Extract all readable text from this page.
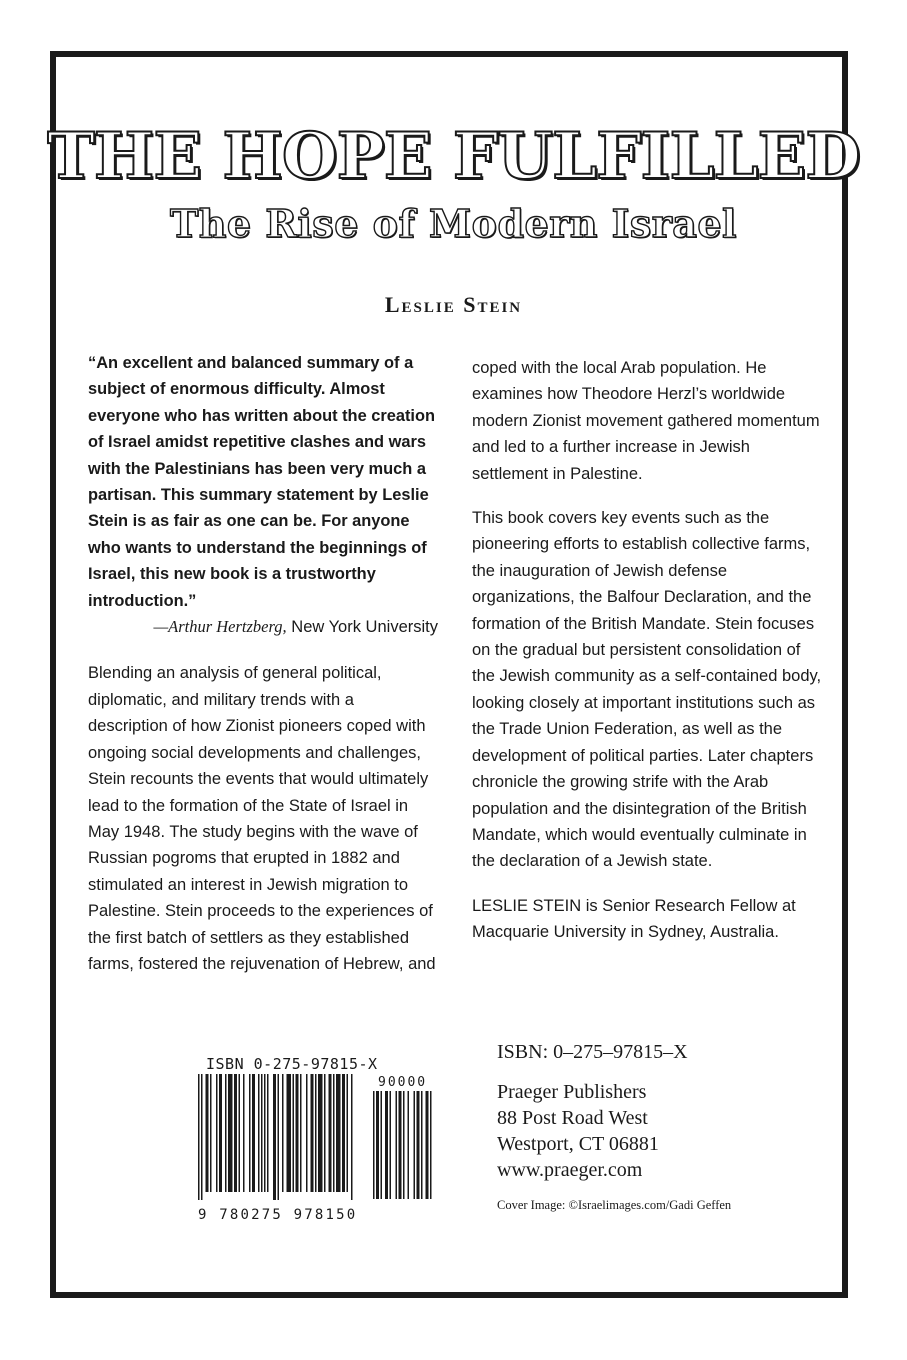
THE HOPE FULFILLED
The Rise of Modern Israel
Leslie Stein

“An excellent and balanced summary of a subject of enormous difficulty. Almost everyone who has written about the creation of Israel amidst repetitive clashes and wars with the Palestinians has been very much a partisan. This summary statement by Leslie Stein is as fair as one can be. For anyone who wants to understand the beginnings of Israel, this new book is a trustworthy introduction.”

—Arthur Hertzberg, New York University

Blending an analysis of general political, diplomatic, and military trends with a description of how Zionist pioneers coped with ongoing social developments and challenges, Stein recounts the events that would ultimately lead to the formation of the State of Israel in May 1948. The study begins with the wave of Russian pogroms that erupted in 1882 and stimulated an interest in Jewish migration to Palestine. Stein proceeds to the experiences of the first batch of settlers as they established farms, fostered the rejuvenation of Hebrew, and

coped with the local Arab population. He examines how Theodore Herzl’s worldwide modern Zionist movement gathered momentum and led to a further increase in Jewish settlement in Palestine.

This book covers key events such as the pioneering efforts to establish collective farms, the inauguration of Jewish defense organizations, the Balfour Declaration, and the formation of the British Mandate. Stein focuses on the gradual but persistent consolidation of the Jewish community as a self-contained body, looking closely at important institutions such as the Trade Union Federation, as well as the development of political parties. Later chapters chronicle the growing strife with the Arab population and the disintegration of the British Mandate, which would eventually culminate in the declaration of a Jewish state.

LESLIE STEIN is Senior Research Fellow at Macquarie University in Sydney, Australia.

ISBN 0-275-97815-X
90000
9 780275 978150
ISBN: 0–275–97815–X
Praeger Publishers
88 Post Road West
Westport, CT 06881
www.praeger.com
Cover Image: ©Israelimages.com/Gadi Geffen
